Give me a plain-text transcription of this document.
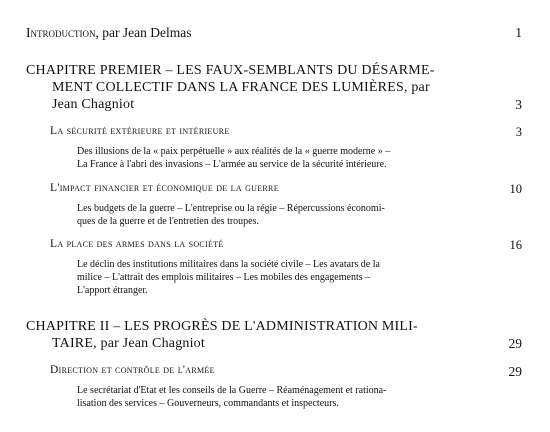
Introduction, par Jean Delmas	1
CHAPITRE PREMIER – LES FAUX-SEMBLANTS DU DÉSARME-
MENT COLLECTIF DANS LA FRANCE DES LUMIÈRES, par
Jean Chagniot	3
La sécurité extérieure et intérieure	3
Des illusions de la « paix perpétuelle » aux réalités de la « guerre moderne » –
La France à l'abri des invasions – L'armée au service de la sécurité intérieure.
L'impact financier et économique de la guerre	10
Les budgets de la guerre – L'entreprise ou la régie – Répercussions économi-
ques de la guerre et de l'entretien des troupes.
La place des armes dans la société	16
Le déclin des institutions militaires dans la société civile – Les avatars de la
milice – L'attrait des emplois militaires – Les mobiles des engagements –
L'apport étranger.
CHAPITRE II – LES PROGRÈS DE L'ADMINISTRATION MILI-
TAIRE, par Jean Chagniot	29
Direction et contrôle de l'armée	29
Le secrétariat d'Etat et les conseils de la Guerre – Réaménagement et rationa-
lisation des services – Gouverneurs, commandants et inspecteurs.
